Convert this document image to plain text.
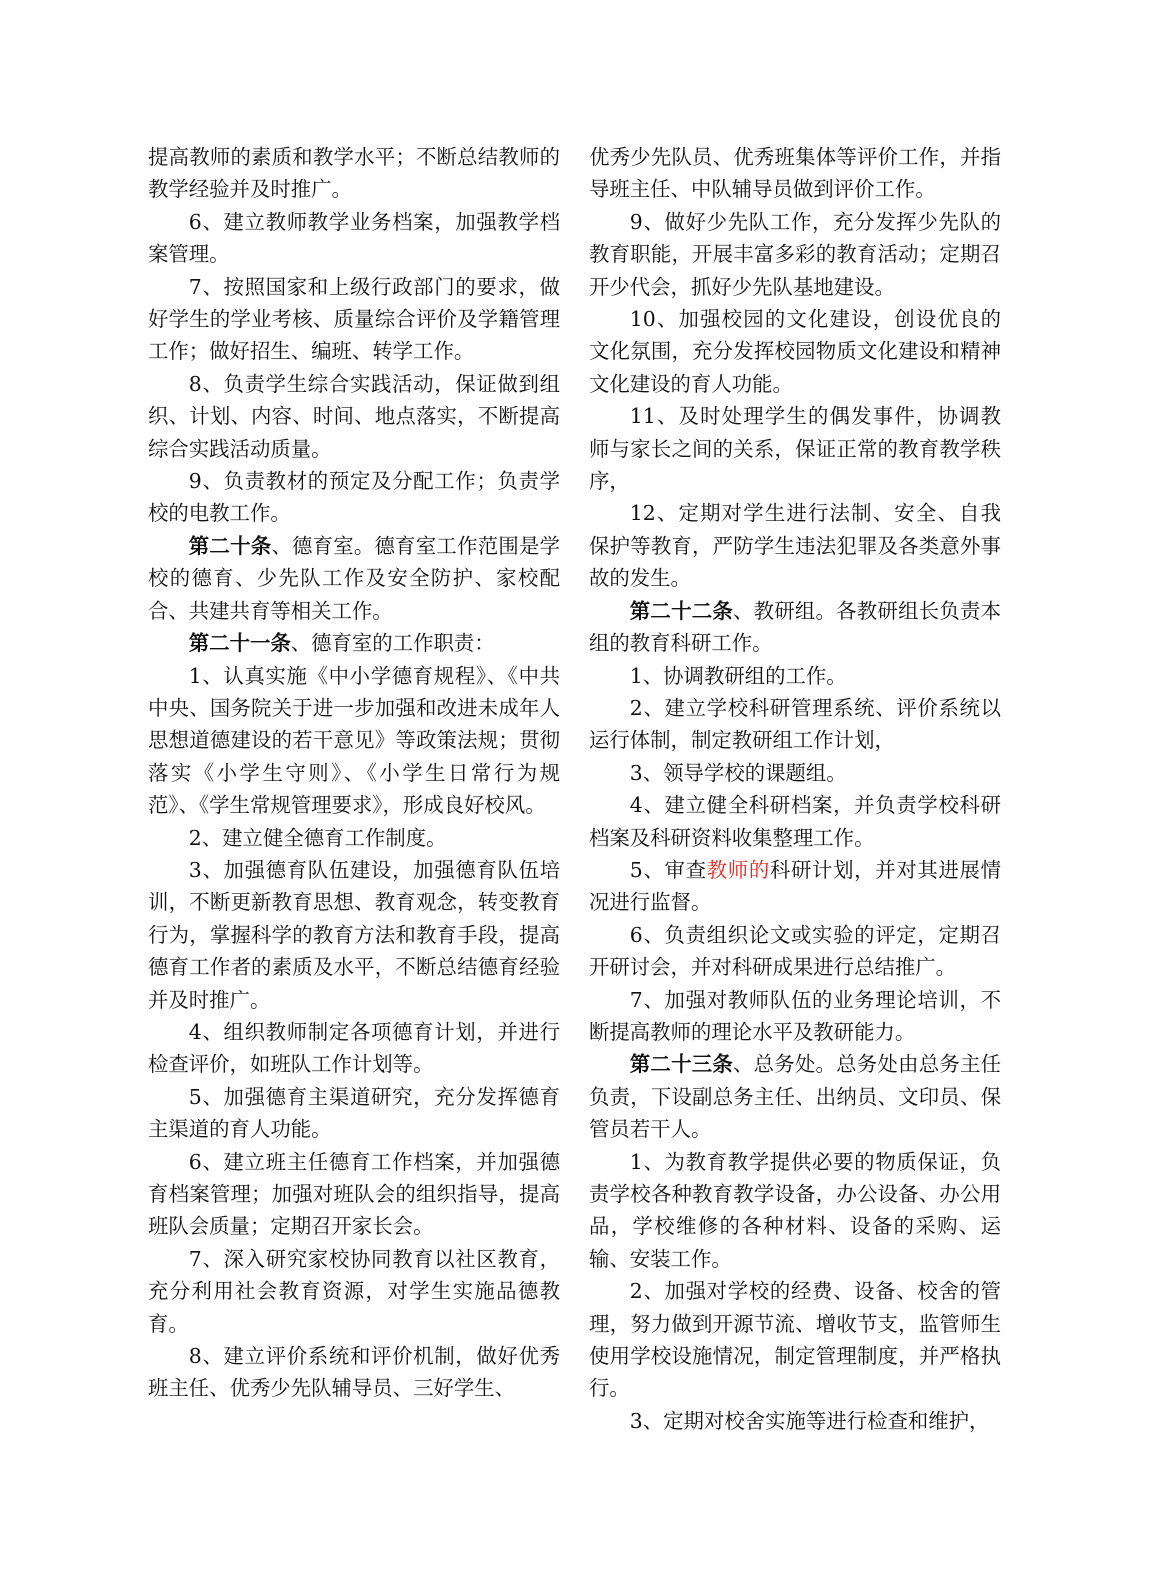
提高教师的素质和教学水平；不断总结教师的教学经验并及时推广。

6、建立教师教学业务档案，加强教学档案管理。

7、按照国家和上级行政部门的要求，做好学生的学业考核、质量综合评价及学籍管理工作；做好招生、编班、转学工作。

8、负责学生综合实践活动，保证做到组织、计划、内容、时间、地点落实，不断提高综合实践活动质量。

9、负责教材的预定及分配工作；负责学校的电教工作。

第二十条、德育室。德育室工作范围是学校的德育、少先队工作及安全防护、家校配合、共建共育等相关工作。

第二十一条、德育室的工作职责：

1、认真实施《中小学德育规程》、《中共中央、国务院关于进一步加强和改进未成年人思想道德建设的若干意见》等政策法规；贯彻落实《小学生守则》、《小学生日常行为规范》、《学生常规管理要求》，形成良好校风。

2、建立健全德育工作制度。

3、加强德育队伍建设，加强德育队伍培训，不断更新教育思想、教育观念，转变教育行为，掌握科学的教育方法和教育手段，提高德育工作者的素质及水平，不断总结德育经验并及时推广。

4、组织教师制定各项德育计划，并进行检查评价，如班队工作计划等。

5、加强德育主渠道研究，充分发挥德育主渠道的育人功能。

6、建立班主任德育工作档案，并加强德育档案管理；加强对班队会的组织指导，提高班队会质量；定期召开家长会。

7、深入研究家校协同教育以社区教育，充分利用社会教育资源，对学生实施品德教育。

8、建立评价系统和评价机制，做好优秀班主任、优秀少先队辅导员、三好学生、

优秀少先队员、优秀班集体等评价工作，并指导班主任、中队辅导员做到评价工作。

9、做好少先队工作，充分发挥少先队的教育职能，开展丰富多彩的教育活动；定期召开少代会，抓好少先队基地建设。

10、加强校园的文化建设，创设优良的文化氛围，充分发挥校园物质文化建设和精神文化建设的育人功能。

11、及时处理学生的偶发事件，协调教师与家长之间的关系，保证正常的教育教学秩序，

12、定期对学生进行法制、安全、自我保护等教育，严防学生违法犯罪及各类意外事故的发生。

第二十二条、教研组。各教研组长负责本组的教育科研工作。

1、协调教研组的工作。

2、建立学校科研管理系统、评价系统以运行体制，制定教研组工作计划，

3、领导学校的课题组。

4、建立健全科研档案，并负责学校科研档案及科研资料收集整理工作。

5、审查教师的科研计划，并对其进展情况进行监督。

6、负责组织论文或实验的评定，定期召开研讨会，并对科研成果进行总结推广。

7、加强对教师队伍的业务理论培训，不断提高教师的理论水平及教研能力。

第二十三条、总务处。总务处由总务主任负责，下设副总务主任、出纳员、文印员、保管员若干人。

1、为教育教学提供必要的物质保证，负责学校各种教育教学设备，办公设备、办公用品，学校维修的各种材料、设备的采购、运输、安装工作。

2、加强对学校的经费、设备、校舍的管理，努力做到开源节流、增收节支，监管师生使用学校设施情况，制定管理制度，并严格执行。

3、定期对校舍实施等进行检查和维护，
